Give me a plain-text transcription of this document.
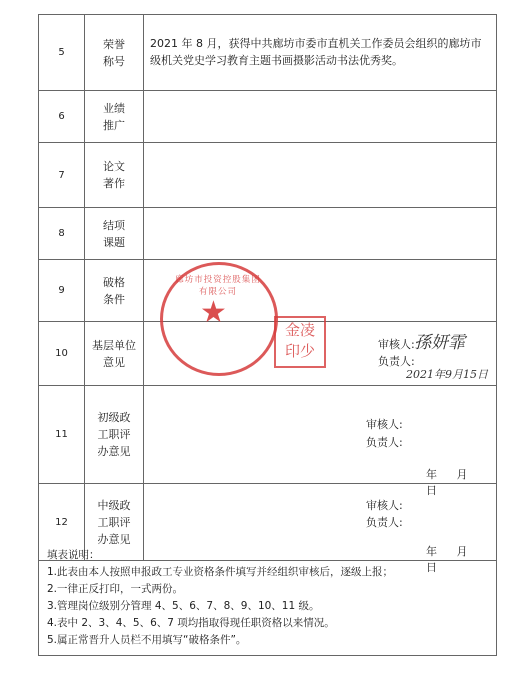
5
荣誉
称号
2021 年 8 月，获得中共廊坊市委市直机关工作委员会组织的廊坊市级机关党史学习教育主题书画摄影活动书法优秀奖。
6
业绩
推广
7
论文
著作
8
结项
课题
9
破格
条件
10
基层单位
意见
审核人:
负责人:
孫妍霏
2021年9月15日
11
初级政
工职评
办意见
审核人:
负责人:
年 月 日
12
中级政
工职评
办意见
审核人:
负责人:
年 月 日
填表说明：
1.此表由本人按照申报政工专业资格条件填写并经组织审核后，逐级上报；
2.一律正反打印，一式两份。
3.管理岗位级别分管理 4、5、6、7、8、9、10、11 级。
4.表中 2、3、4、5、6、7 项均指取得现任职资格以来情况。
5.属正常晋升人员栏不用填写“破格条件”。
★
廊坊市投资控股集团有限公司
金凌印少
